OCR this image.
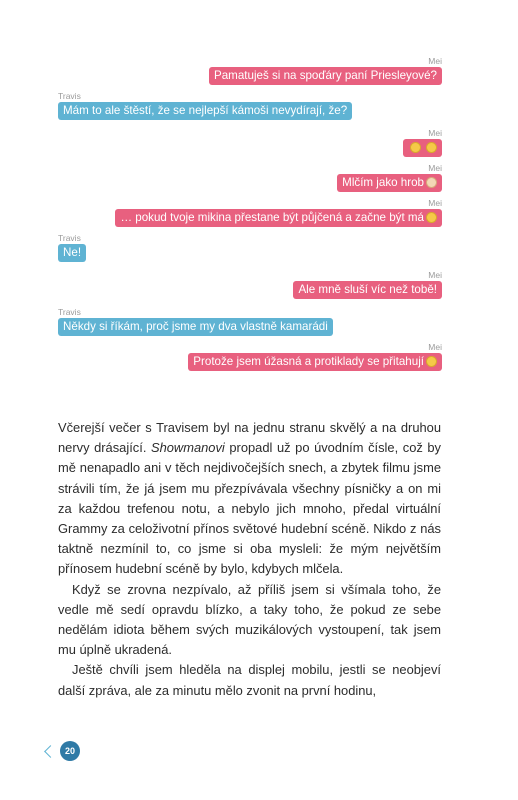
Mei
Pamatuješ si na spoďáry paní Priesleyové?
Travis
Mám to ale štěstí, že se nejlepší kámoši nevydírají, že?
Mei

Mei
Mlčím jako hrob
Mei
… pokud tvoje mikina přestane být půjčená a začne být má
Travis
Ne!
Mei
Ale mně sluší víc než tobě!
Travis
Někdy si říkám, proč jsme my dva vlastně kamarádi
Mei
Protože jsem úžasná a protiklady se přitahují

Včerejší večer s Travisem byl na jednu stranu skvělý a na druhou nervy drásající. Showmanovi propadl už po úvodním čísle, což by mě nenapadlo ani v těch nejdivočejších snech, a zbytek filmu jsme strávili tím, že já jsem mu přezpívávala všechny písničky a on mi za každou trefenou notu, a nebylo jich mnoho, předal virtuální Grammy za celoživotní přínos světové hudební scéně. Nikdo z nás taktně nezmínil to, co jsme si oba mysleli: že mým největším přínosem hudební scéně by bylo, kdybych mlčela.

Když se zrovna nezpívalo, až příliš jsem si všímala toho, že vedle mě sedí opravdu blízko, a taky toho, že pokud ze sebe nedělám idiota během svých muzikálových vystoupení, tak jsem mu úplně ukradená.

Ještě chvíli jsem hleděla na displej mobilu, jestli se neobjeví další zpráva, ale za minutu mělo zvonit na první hodinu,

20
